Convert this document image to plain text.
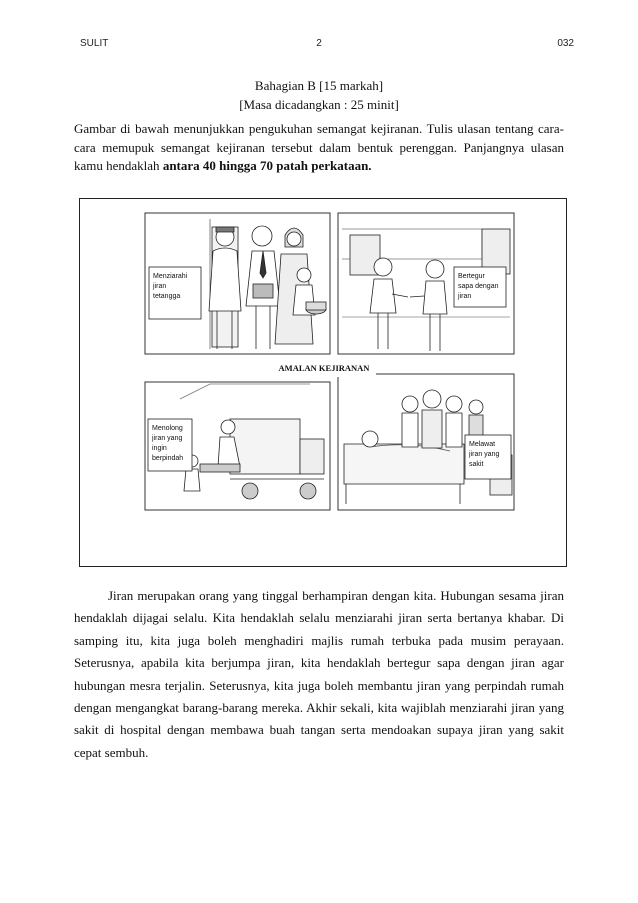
SULIT	2	032
Bahagian B [15 markah]
[Masa dicadangkan : 25 minit]
Gambar di bawah menunjukkan pengukuhan semangat kejiranan. Tulis ulasan tentang cara-cara memupuk semangat kejiranan tersebut dalam bentuk perenggan. Panjangnya ulasan kamu hendaklah antara 40 hingga 70 patah perkataan.
Menziarahi
jiran
tetangga
Bertegur
sapa dengan
jiran
AMALAN KEJIRANAN
Menolong
jiran yang
ingin
berpindah
Melawat
jiran yang
sakit
Jiran merupakan orang yang tinggal berhampiran dengan kita. Hubungan sesama jiran hendaklah dijagai selalu. Kita hendaklah selalu menziarahi jiran serta bertanya khabar. Di samping itu, kita juga boleh menghadiri majlis rumah terbuka pada musim perayaan. Seterusnya, apabila kita berjumpa jiran, kita hendaklah bertegur sapa dengan jiran agar hubungan mesra terjalin. Seterusnya, kita juga boleh membantu jiran yang perpindah rumah dengan mengangkat barang-barang mereka. Akhir sekali, kita wajiblah menziarahi jiran yang sakit di hospital dengan membawa buah tangan serta mendoakan supaya jiran yang sakit cepat sembuh.
